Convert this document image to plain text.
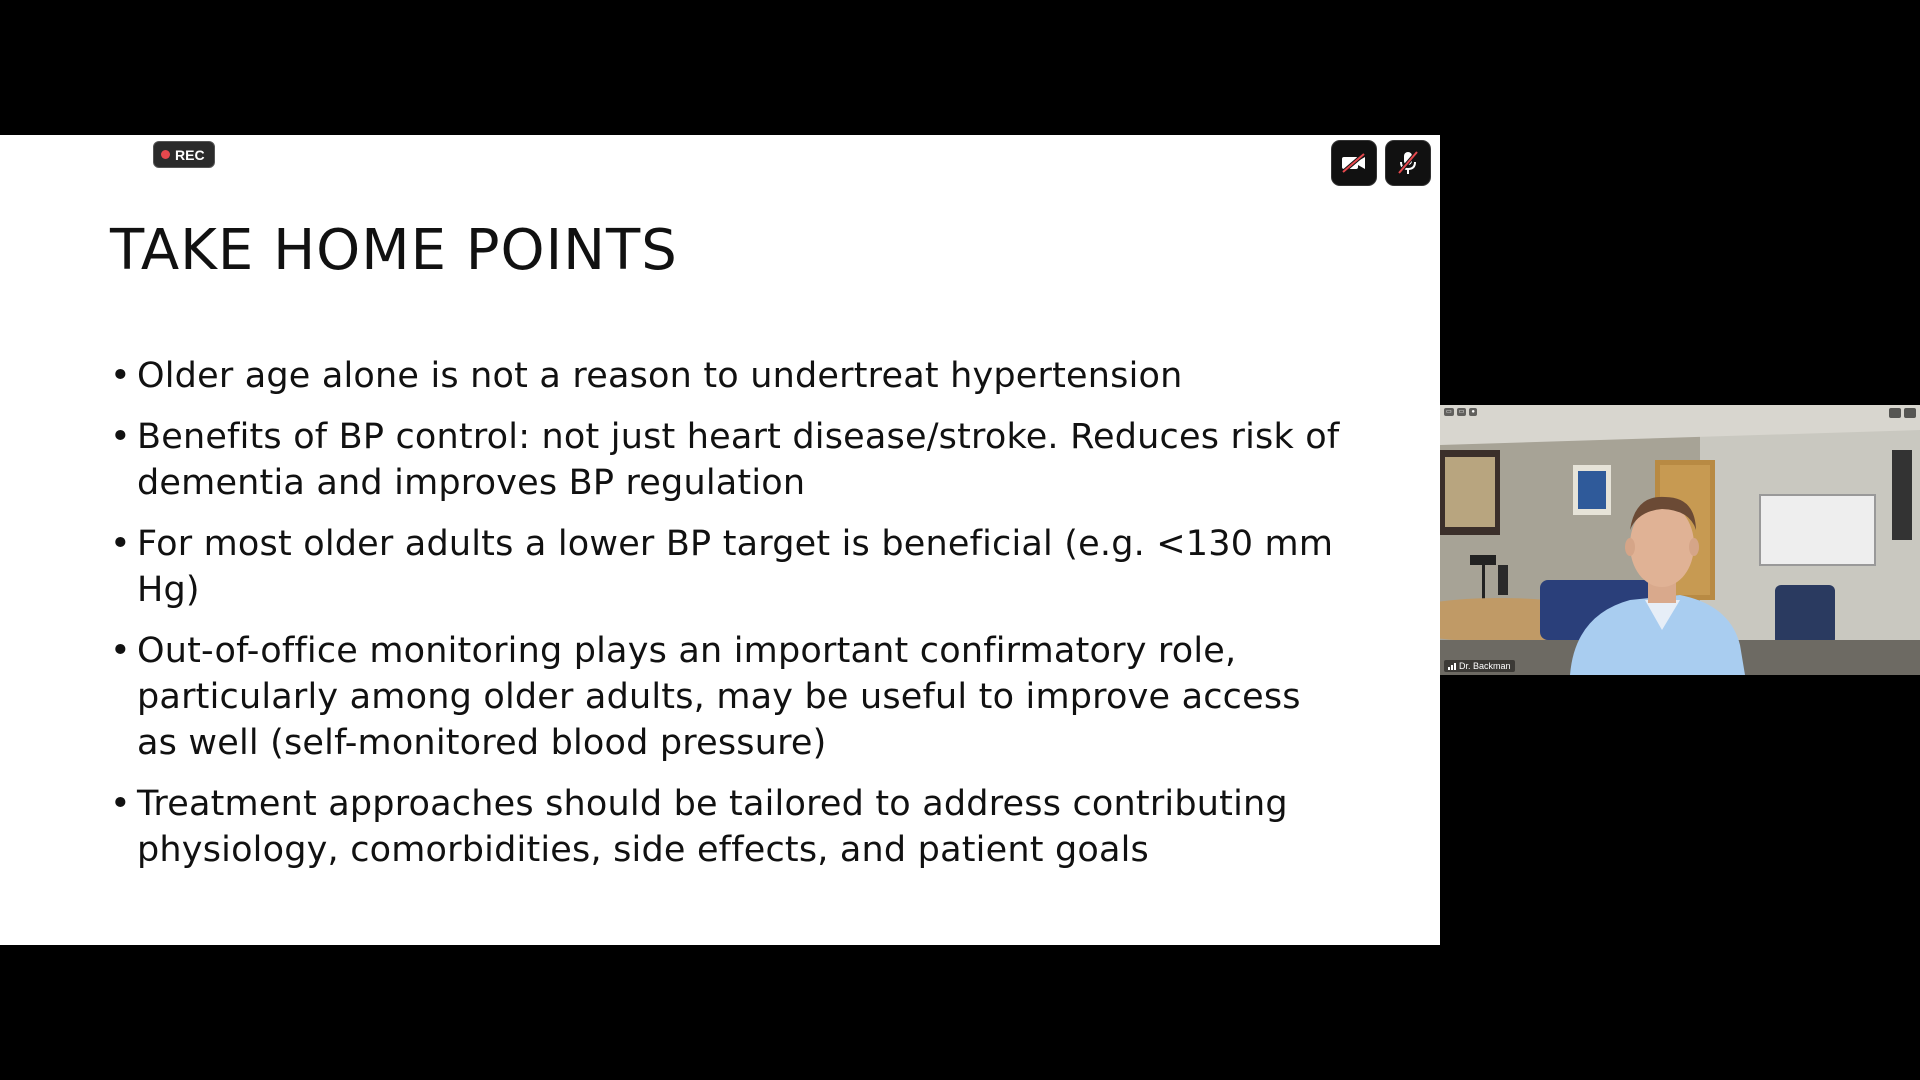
REC
TAKE HOME POINTS
• Older age alone is not a reason to undertreat hypertension
• Benefits of BP control: not just heart disease/stroke. Reduces risk of dementia and improves BP regulation
• For most older adults a lower BP target is beneficial (e.g. <130 mm Hg)
• Out-of-office monitoring plays an important confirmatory role, particularly among older adults, may be useful to improve access as well (self-monitored blood pressure)
• Treatment approaches should be tailored to address contributing physiology, comorbidities, side effects, and patient goals
▭	▭	●
Dr. Backman
